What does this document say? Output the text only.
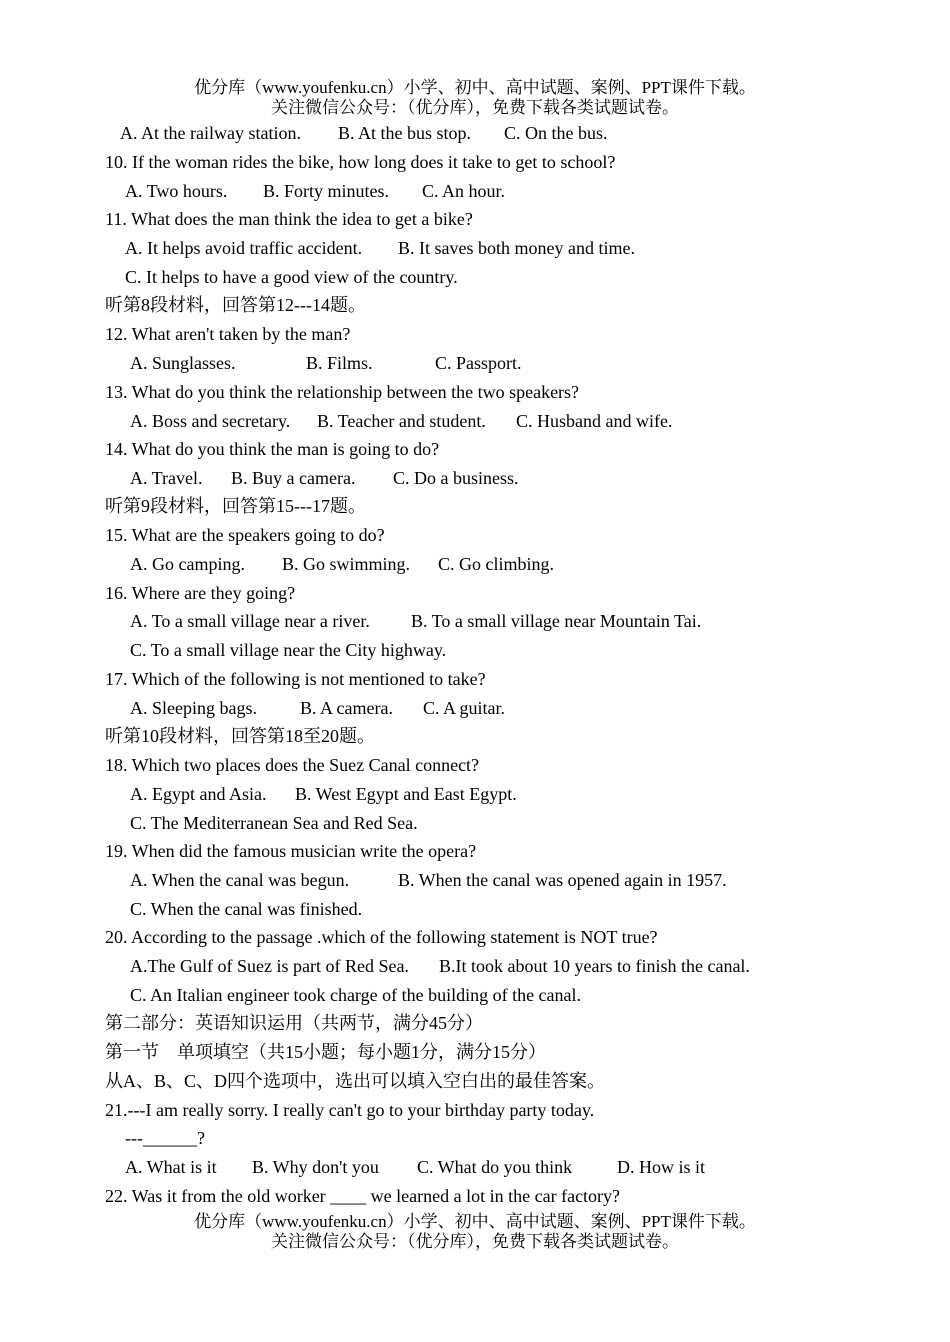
优分库（www.youfenku.cn）小学、初中、高中试题、案例、PPT课件下载。
关注微信公众号：（优分库），免费下载各类试题试卷。
A. At the railway station. B. At the bus stop. C. On the bus.
10. If the woman rides the bike, how long does it take to get to school?
A. Two hours. B. Forty minutes. C. An hour.
11. What does the man think the idea to get a bike?
A. It helps avoid traffic accident. B. It saves both money and time.
C. It helps to have a good view of the country.
听第8段材料，回答第12---14题。
12. What aren't taken by the man?
A. Sunglasses.	B. Films.	C. Passport.
13. What do you think the relationship between the two speakers?
A. Boss and secretary. B. Teacher and student. C. Husband and wife.
14. What do you think the man is going to do?
A. Travel. B. Buy a camera. C. Do a business.
听第9段材料，回答第15---17题。
15. What are the speakers going to do?
A. Go camping. B. Go swimming. C. Go climbing.
16. Where are they going?
A. To a small village near a river. B. To a small village near Mountain Tai.
C. To a small village near the City highway.
17. Which of the following is not mentioned to take?
A. Sleeping bags. B. A camera. C. A guitar.
听第10段材料，回答第18至20题。
18. Which two places does the Suez Canal connect?
A. Egypt and Asia. B. West Egypt and East Egypt.
C. The Mediterranean Sea and Red Sea.
19. When did the famous musician write the opera?
A. When the canal was begun.	B. When the canal was opened again in 1957.
C. When the canal was finished.
20. According to the passage .which of the following statement is NOT true?
A.The Gulf of Suez is part of Red Sea. B.It took about 10 years to finish the canal.
C. An Italian engineer took charge of the building of the canal.
第二部分：英语知识运用（共两节，满分45分）
第一节　单项填空（共15小题；每小题1分，满分15分）
从A、B、C、D四个选项中，选出可以填入空白出的最佳答案。
21.---I am really sorry. I really can't go to your birthday party today.
---______?
A. What is it B. Why don't you C. What do you think D. How is it
22. Was it from the old worker ____ we learned a lot in the car factory?
优分库（www.youfenku.cn）小学、初中、高中试题、案例、PPT课件下载。
关注微信公众号：（优分库），免费下载各类试题试卷。
